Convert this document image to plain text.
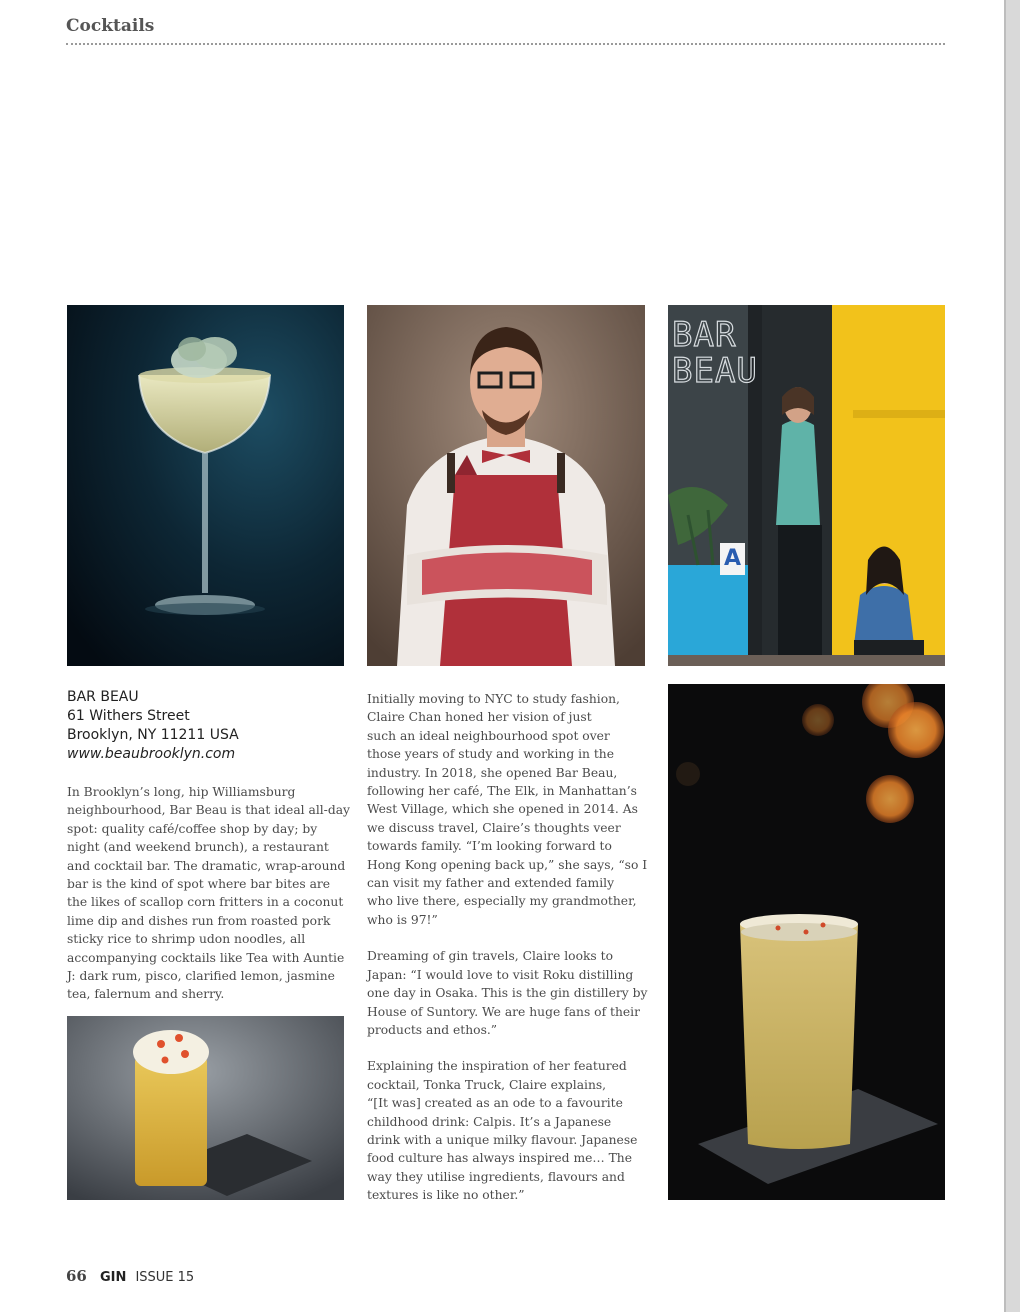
Cocktails
BAR
BEAU
A
BAR BEAU
61 Withers Street
Brooklyn, NY 11211 USA
www.beaubrooklyn.com

In Brooklyn’s long, hip Williamsburg
neighbourhood, Bar Beau is that ideal all-day
spot: quality café/coffee shop by day; by
night (and weekend brunch), a restaurant
and cocktail bar. The dramatic, wrap-around
bar is the kind of spot where bar bites are
the likes of scallop corn fritters in a coconut
lime dip and dishes run from roasted pork
sticky rice to shrimp udon noodles, all
accompanying cocktails like Tea with Auntie
J: dark rum, pisco, clarified lemon, jasmine
tea, falernum and sherry.

Initially moving to NYC to study fashion,
Claire Chan honed her vision of just
such an ideal neighbourhood spot over
those years of study and working in the
industry. In 2018, she opened Bar Beau,
following her café, The Elk, in Manhattan’s
West Village, which she opened in 2014. As
we discuss travel, Claire’s thoughts veer
towards family. “I’m looking forward to
Hong Kong opening back up,” she says, “so I
can visit my father and extended family
who live there, especially my grandmother,
who is 97!”

Dreaming of gin travels, Claire looks to
Japan: “I would love to visit Roku distilling
one day in Osaka. This is the gin distillery by
House of Suntory. We are huge fans of their
products and ethos.”

Explaining the inspiration of her featured
cocktail, Tonka Truck, Claire explains,
“[It was] created as an ode to a favourite
childhood drink: Calpis. It’s a Japanese
drink with a unique milky flavour. Japanese
food culture has always inspired me… The
way they utilise ingredients, flavours and
textures is like no other.”

66 GIN ISSUE 15
